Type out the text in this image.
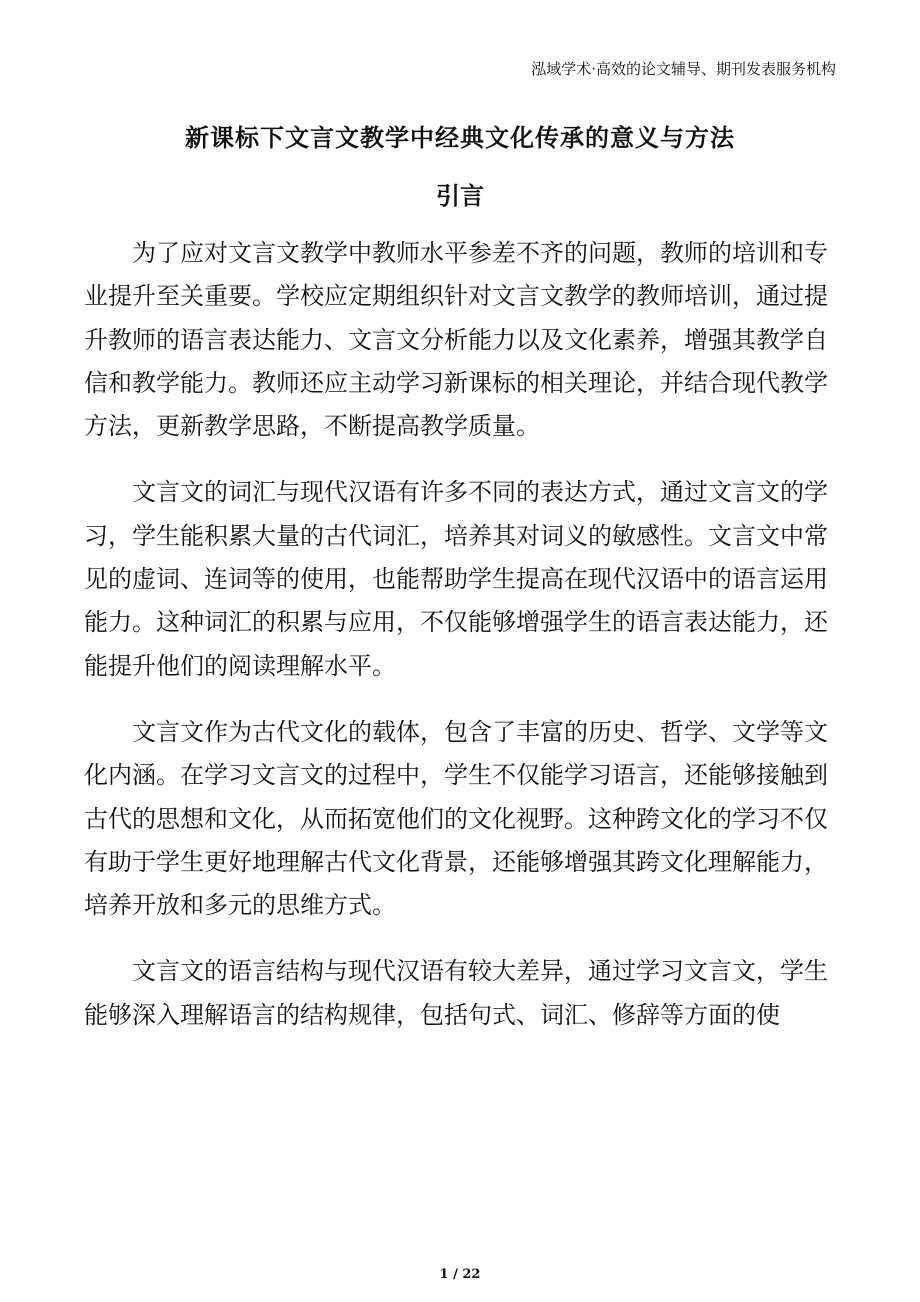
泓域学术·高效的论文辅导、期刊发表服务机构
新课标下文言文教学中经典文化传承的意义与方法
引言

为了应对文言文教学中教师水平参差不齐的问题，教师的培训和专业提升至关重要。学校应定期组织针对文言文教学的教师培训，通过提升教师的语言表达能力、文言文分析能力以及文化素养，增强其教学自信和教学能力。教师还应主动学习新课标的相关理论，并结合现代教学方法，更新教学思路，不断提高教学质量。

文言文的词汇与现代汉语有许多不同的表达方式，通过文言文的学习，学生能积累大量的古代词汇，培养其对词义的敏感性。文言文中常见的虚词、连词等的使用，也能帮助学生提高在现代汉语中的语言运用能力。这种词汇的积累与应用，不仅能够增强学生的语言表达能力，还能提升他们的阅读理解水平。

文言文作为古代文化的载体，包含了丰富的历史、哲学、文学等文化内涵。在学习文言文的过程中，学生不仅能学习语言，还能够接触到古代的思想和文化，从而拓宽他们的文化视野。这种跨文化的学习不仅有助于学生更好地理解古代文化背景，还能够增强其跨文化理解能力，培养开放和多元的思维方式。

文言文的语言结构与现代汉语有较大差异，通过学习文言文，学生能够深入理解语言的结构规律，包括句式、词汇、修辞等方面的使

1 / 22
